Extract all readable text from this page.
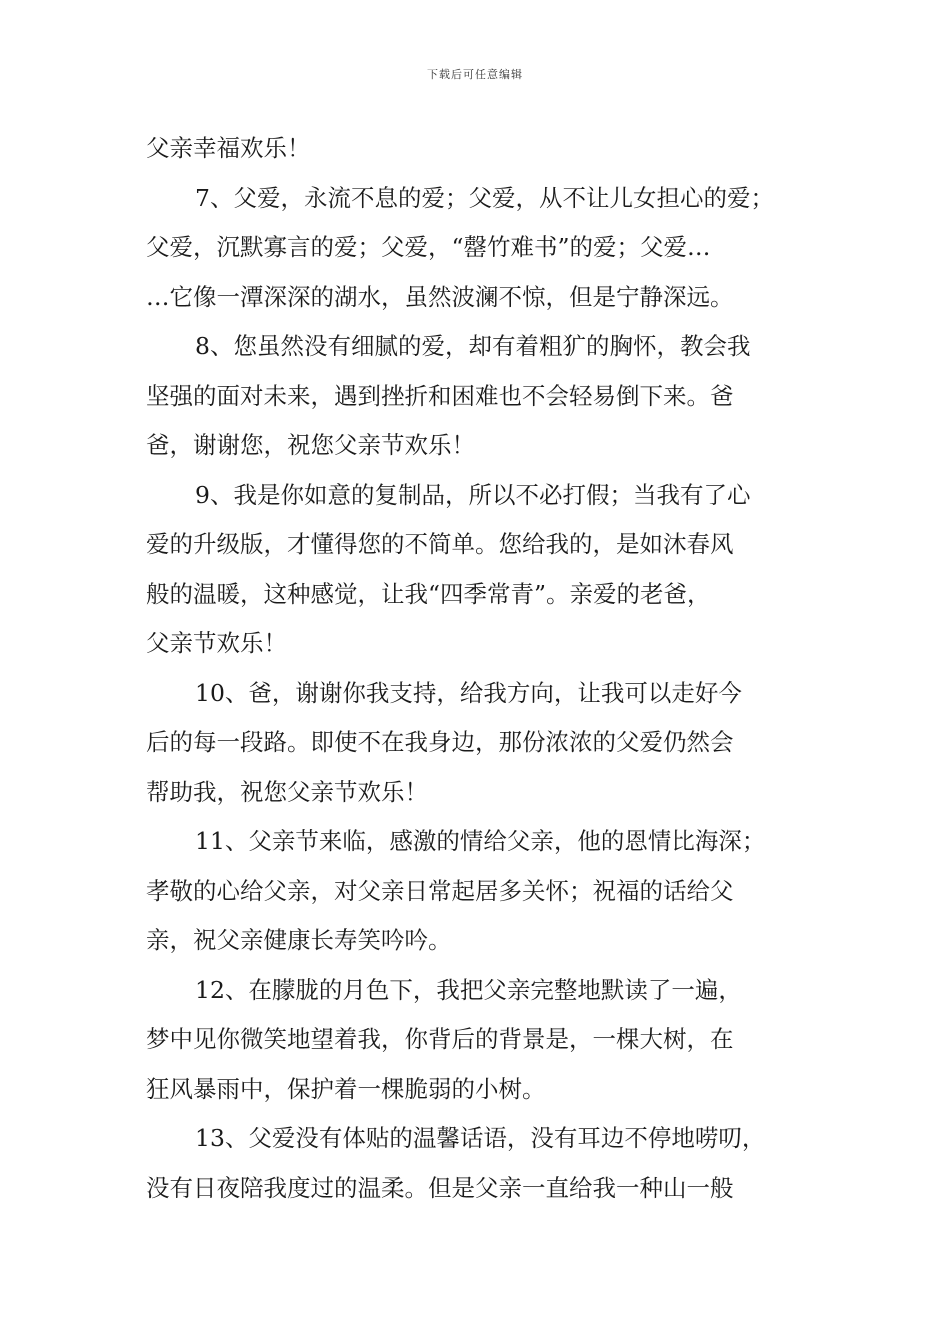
下载后可任意编辑
父亲幸福欢乐！
7、父爱，永流不息的爱；父爱，从不让儿女担心的爱；
父爱，沉默寡言的爱；父爱，“罄竹难书”的爱；父爱…
…它像一潭深深的湖水，虽然波澜不惊，但是宁静深远。
8、您虽然没有细腻的爱，却有着粗犷的胸怀，教会我
坚强的面对未来，遇到挫折和困难也不会轻易倒下来。爸
爸，谢谢您，祝您父亲节欢乐！
9、我是你如意的复制品，所以不必打假；当我有了心
爱的升级版，才懂得您的不简单。您给我的，是如沐春风
般的温暖，这种感觉，让我“四季常青”。亲爱的老爸，
父亲节欢乐！
10、爸，谢谢你我支持，给我方向，让我可以走好今
后的每一段路。即使不在我身边，那份浓浓的父爱仍然会
帮助我，祝您父亲节欢乐！
11、父亲节来临，感激的情给父亲，他的恩情比海深；
孝敬的心给父亲，对父亲日常起居多关怀；祝福的话给父
亲，祝父亲健康长寿笑吟吟。
12、在朦胧的月色下，我把父亲完整地默读了一遍，
梦中见你微笑地望着我，你背后的背景是，一棵大树，在
狂风暴雨中，保护着一棵脆弱的小树。
13、父爱没有体贴的温馨话语，没有耳边不停地唠叨，
没有日夜陪我度过的温柔。但是父亲一直给我一种山一般
